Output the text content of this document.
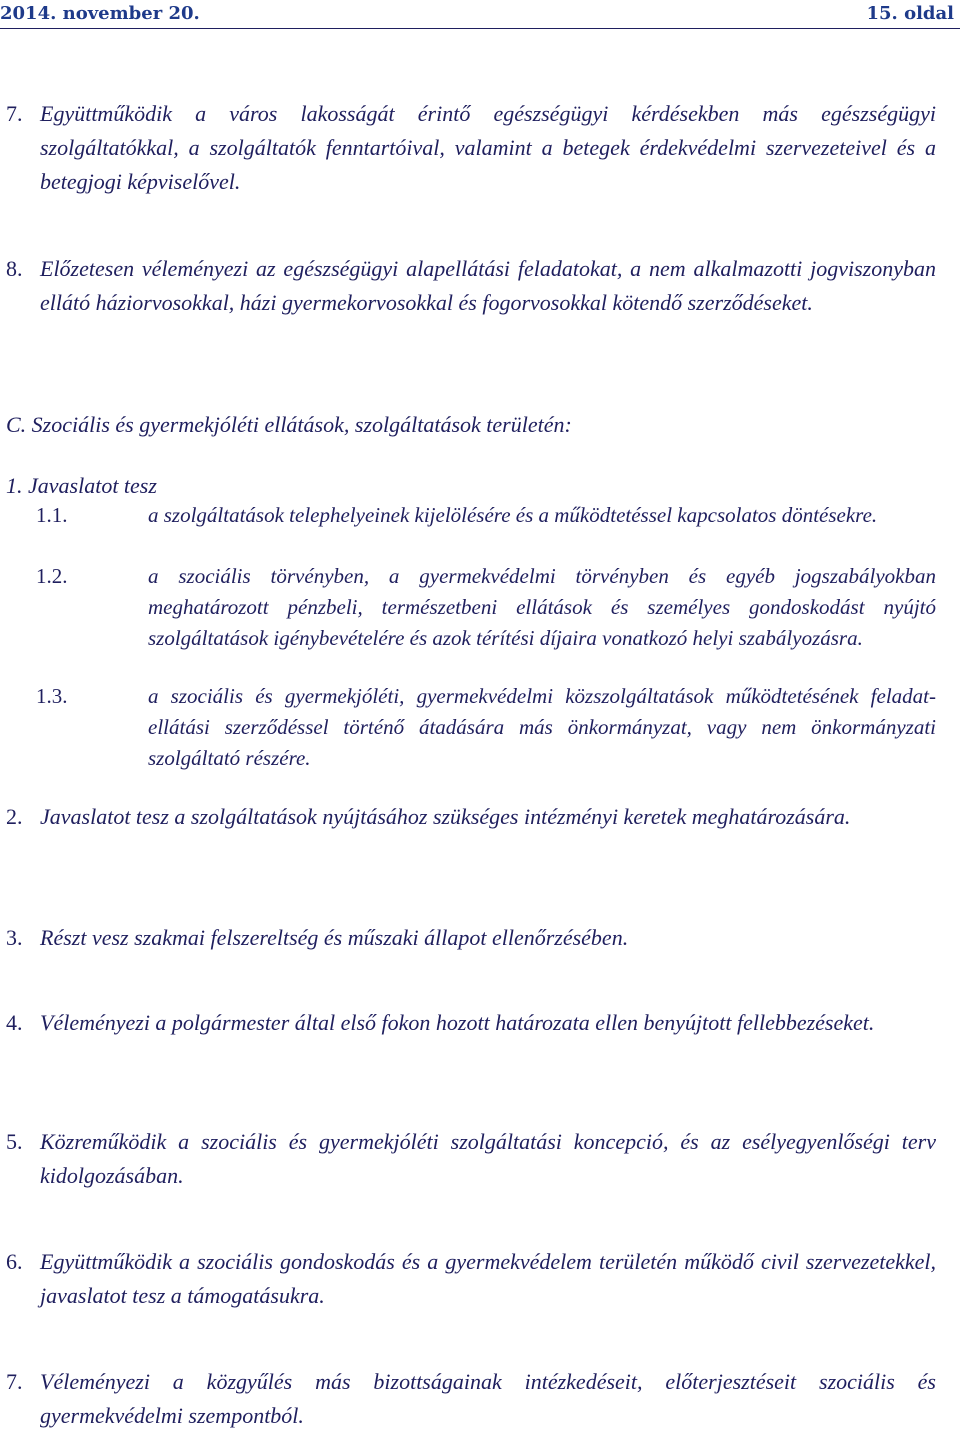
2014. november 20.	15. oldal
7. Együttműködik a város lakosságát érintő egészségügyi kérdésekben más egészségügyi szolgáltatókkal, a szolgáltatók fenntartóival, valamint a betegek érdekvédelmi szervezeteivel és a betegjogi képviselővel.
8. Előzetesen véleményezi az egészségügyi alapellátási feladatokat, a nem alkalmazotti jogviszonyban ellátó háziorvosokkal, házi gyermekorvosokkal és fogorvosokkal kötendő szerződéseket.
C. Szociális és gyermekjóléti ellátások, szolgáltatások területén:
1. Javaslatot tesz
1.1.	a szolgáltatások telephelyeinek kijelölésére és a működtetéssel kapcsolatos döntésekre.
1.2.	a szociális törvényben, a gyermekvédelmi törvényben és egyéb jogszabályokban meghatározott pénzbeli, természetbeni ellátások és személyes gondoskodást nyújtó szolgáltatások igénybevételére és azok térítési díjaira vonatkozó helyi szabályozásra.
1.3.	a szociális és gyermekjóléti, gyermekvédelmi közszolgáltatások működtetésének feladat-ellátási szerződéssel történő átadására más önkormányzat, vagy nem önkormányzati szolgáltató részére.
2. Javaslatot tesz a szolgáltatások nyújtásához szükséges intézményi keretek meghatározására.
3. Részt vesz szakmai felszereltség és műszaki állapot ellenőrzésében.
4. Véleményezi a polgármester által első fokon hozott határozata ellen benyújtott fellebbezéseket.
5. Közreműködik a szociális és gyermekjóléti szolgáltatási koncepció, és az esélyegyenlőségi terv kidolgozásában.
6. Együttműködik a szociális gondoskodás és a gyermekvédelem területén működő civil szervezetekkel, javaslatot tesz a támogatásukra.
7. Véleményezi a közgyűlés más bizottságainak intézkedéseit, előterjesztéseit szociális és gyermekvédelmi szempontból.
